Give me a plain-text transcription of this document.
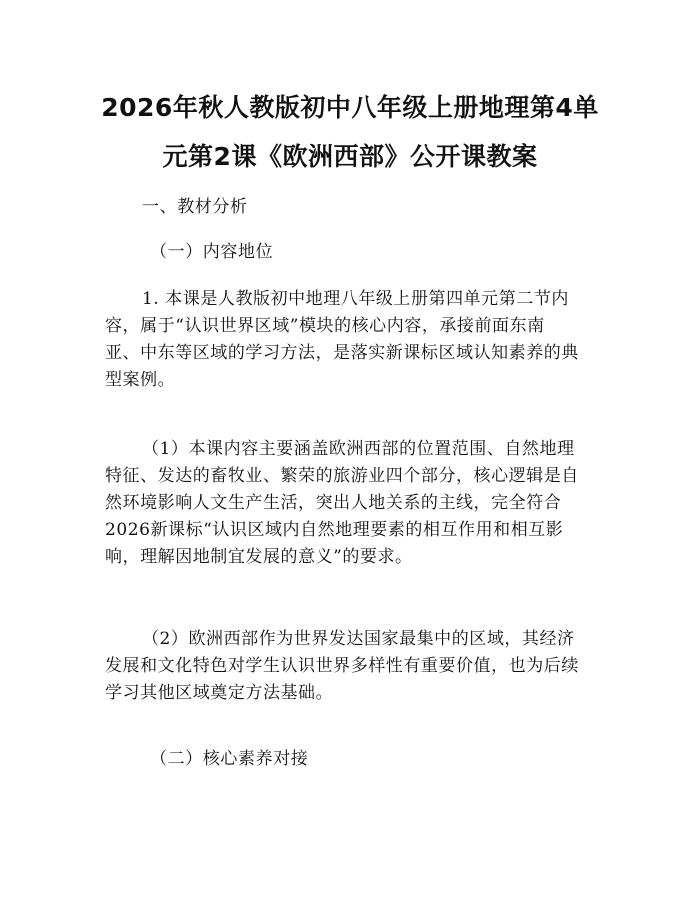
2026年秋人教版初中八年级上册地理第4单
元第2课《欧洲西部》公开课教案

一、教材分析

（一）内容地位

1. 本课是人教版初中地理八年级上册第四单元第二节内
容，属于“认识世界区域”模块的核心内容，承接前面东南
亚、中东等区域的学习方法，是落实新课标区域认知素养的典
型案例。
（1）本课内容主要涵盖欧洲西部的位置范围、自然地理
特征、发达的畜牧业、繁荣的旅游业四个部分，核心逻辑是自
然环境影响人文生产生活，突出人地关系的主线，完全符合
2026新课标“认识区域内自然地理要素的相互作用和相互影
响，理解因地制宜发展的意义”的要求。
（2）欧洲西部作为世界发达国家最集中的区域，其经济
发展和文化特色对学生认识世界多样性有重要价值，也为后续
学习其他区域奠定方法基础。

（二）核心素养对接
